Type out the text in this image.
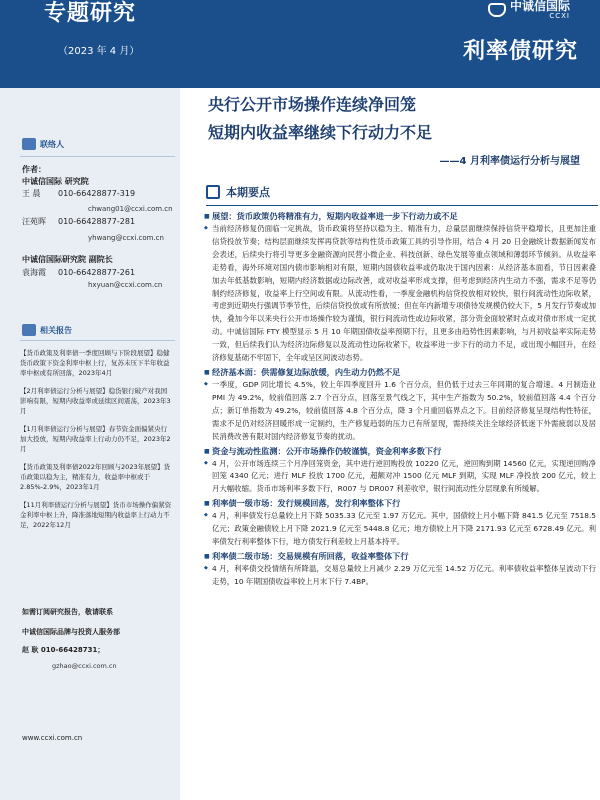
专题研究
（2023 年 4 月）
中诚信国际
CCXI
利率债研究
联络人
作者：
中诚信国际 研究院
王 晨 010-66428877-319
chwang01@ccxi.com.cn
汪苑晖 010-66428877-281
yhwang@ccxi.com.cn
中诚信国际研究院 副院长
袁海霞 010-66428877-261
hxyuan@ccxi.com.cn
相关报告
【货币政策及利率债一季度回顾与下阶段展望】稳健货币政策下资金利率中枢上行，复苏未压下半年收益率中枢或有所回落，2023年4月
【2月利率债运行分析与展望】稳货银行破产对我国影响有限，短期内收益率或延续区间震荡，2023年3月
【1月利率债运行分析与展望】春节资金面偏紧央行加大投放，短期内收益率上行动力仍不足，2023年2月
【货币政策及利率债2022年回顾与2023年展望】货币政策以稳为主，精准有力，收益率中枢或于2.85%-2.9%，2023年1月
【11月利率债运行分析与展望】货币市场操作偏紧资金利率中枢上升，降准落地短期内收益率上行动力不足，2022年12月
如需订阅研究报告，敬请联系
中诚信国际品牌与投资人服务部
赵 耿 010-66428731；
gzhao@ccxi.com.cn
www.ccxi.com.cn
央行公开市场操作连续净回笼
短期内收益率继续下行动力不足
——4 月利率债运行分析与展望
本期要点
■ 展望：货币政策仍将精准有力，短期内收益率进一步下行动力或不足
◆ 当前经济修复仍面临一定挑战，货币政策将坚持以稳为主、精准有力，总量层面继续保持信贷平稳增长，且更加注重信贷投放节奏；结构层面继续发挥再贷款等结构性货币政策工具的引导作用，结合 4 月 20 日金融统计数据新闻发布会表述，后续央行将引导更多金融资源向民营小微企业、科技创新、绿色发展等重点领域和薄弱环节倾斜。从收益率走势看，海外环境对国内债市影响相对有限，短期内国债收益率或仍取决于国内因素：从经济基本面看，节日因素叠加去年低基数影响，短期内经济数据或边际改善，或对收益率形成支撑，但考虑到经济内生动力不强，需求不足等仍制约经济修复，收益率上行空间或有限。从流动性看，一季度金融机构信贷投放相对较快，银行间流动性边际收紧，考虑到近期央行强调节季节性，后续信贷投放或有所放缓；但在年内新增专项债待发规模仍较大下，5 月发行节奏或加快，叠加今年以来央行公开市场操作较为谨慎，银行间流动性或边际收紧，部分资金面较紧时点或对债市形成一定扰动。中诚信国际 FTY 模型显示 5 月 10 年期国债收益率预期下行，且更多由趋势性因素影响，与月初收益率实际走势一致，但后续我们认为经济边际修复以及流动性边际收紧下，收益率进一步下行的动力不足，或出现小幅回升，在经济修复基础不牢固下，全年或呈区间波动态势。
■ 经济基本面：供需修复边际放缓，内生动力仍然不足
◆ 一季度，GDP 同比增长 4.5%，较上年四季度回升 1.6 个百分点，但仍低于过去三年同期的复合增速。4 月制造业 PMI 为 49.2%，较前值回落 2.7 个百分点，回落至景气线之下，其中生产指数为 50.2%，较前值回落 4.4 个百分点；新订单指数为 49.2%，较前值回落 4.8 个百分点，降 3 个月重回临界点之下。目前经济修复呈现结构性特征，需求不足仍对经济回暖形成一定制约，生产修复趋弱的压力已有所显现，需持续关注全球经济低迷下外需疲弱以及居民消费改善有限对国内经济修复节奏的扰动。
■ 资金与流动性监测：公开市场操作仍较谨慎，资金利率多数下行
◆ 4 月，公开市场连续三个月净回笼资金，其中进行逆回购投放 10220 亿元，逆回购到期 14560 亿元，实现逆回购净回笼 4340 亿元；进行 MLF 投放 1700 亿元，超额对冲 1500 亿元 MLF 到期，实现 MLF 净投放 200 亿元，较上月大幅收缩。货币市场利率多数下行，R007 与 DR007 利差收窄，银行间流动性分层现象有所缓解。
■ 利率债一级市场：发行规模回落，发行利率整体下行
◆ 4 月，利率债发行总量较上月下降 5035.33 亿元至 1.97 万亿元。其中，国债较上月小幅下降 841.5 亿元至 7518.5 亿元；政策金融债较上月下降 2021.9 亿元至 5448.8 亿元；地方债较上月下降 2171.93 亿元至 6728.49 亿元。利率债发行利率整体下行，地方债发行利差较上月基本持平。
■ 利率债二级市场：交易规模有所回落，收益率整体下行
◆ 4 月，利率债交投情绪有所降温，交易总量较上月减少 2.29 万亿元至 14.52 万亿元。利率债收益率整体呈波动下行走势，10 年期国债收益率较上月末下行 7.4BP。
